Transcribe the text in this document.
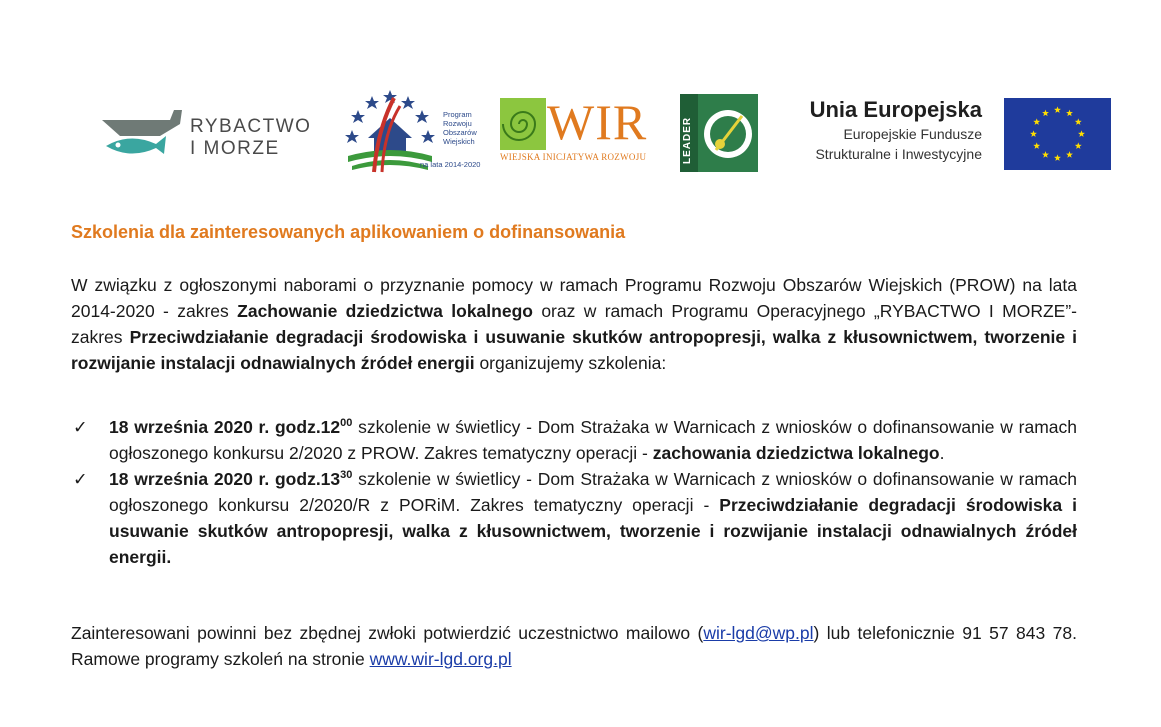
RYBACTWO
I MORZE
Program
Rozwoju
Obszarów
Wiejskich
na lata 2014-2020
WIR
WIEJSKA INICJATYWA ROZWOJU	LEADER
Unia Europejska
Europejskie Fundusze
Strukturalne i Inwestycyjne
Szkolenia dla zainteresowanych aplikowaniem o dofinansowania
W związku z ogłoszonymi naborami o przyznanie pomocy w ramach Programu Rozwoju Obszarów Wiejskich (PROW) na lata 2014-2020 - zakres Zachowanie dziedzictwa lokalnego oraz w ramach Programu Operacyjnego „RYBACTWO I MORZE”- zakres Przeciwdziałanie degradacji środowiska i usuwanie skutków antropopresji, walka z kłusownictwem, tworzenie i rozwijanie instalacji odnawialnych źródeł energii organizujemy szkolenia:
✓ 18 września 2020 r. $godz.12^{00}$ szkolenie w świetlicy - Dom Strażaka w Warnicach z wniosków o dofinansowanie w ramach ogłoszonego konkursu 2/2020 z PROW. Zakres tematyczny operacji - zachowania dziedzictwa lokalnego.
✓ 18 września 2020 r. $godz.13^{30}$ szkolenie w świetlicy - Dom Strażaka w Warnicach z wniosków o dofinansowanie w ramach ogłoszonego konkursu 2/2020/R z PORiM. Zakres tematyczny operacji - Przeciwdziałanie degradacji środowiska i usuwanie skutków antropopresji, walka z kłusownictwem, tworzenie i rozwijanie instalacji odnawialnych źródeł energii.
Zainteresowani powinni bez zbędnej zwłoki potwierdzić uczestnictwo mailowo (wir-lgd@wp.pl) lub telefonicznie 91 57 843 78. Ramowe programy szkoleń na stronie www.wir-lgd.org.pl
